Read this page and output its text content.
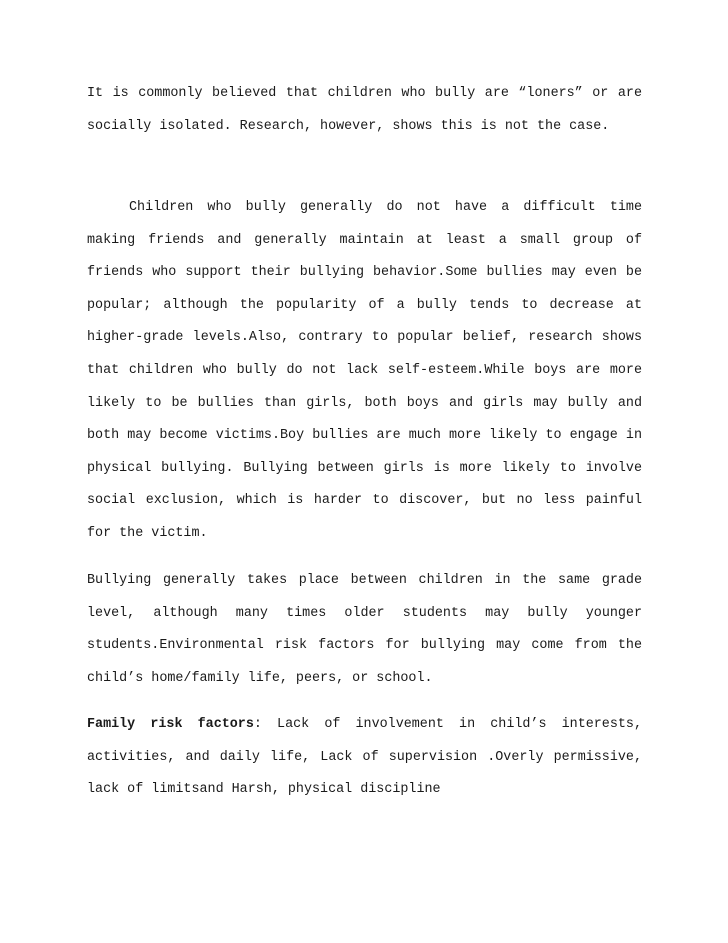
It is commonly believed that children who bully are “loners” or are socially isolated. Research, however, shows this is not the case.

Children who bully generally do not have a difficult time making friends and generally maintain at least a small group of friends who support their bullying behavior.Some bullies may even be popular; although the popularity of a bully tends to decrease at higher-grade levels.Also, contrary to popular belief, research shows that children who bully do not lack self-esteem.While boys are more likely to be bullies than girls, both boys and girls may bully and both may become victims.Boy bullies are much more likely to engage in physical bullying. Bullying between girls is more likely to involve social exclusion, which is harder to discover, but no less painful for the victim.

Bullying generally takes place between children in the same grade level, although many times older students may bully younger students.Environmental risk factors for bullying may come from the child’s home/family life, peers, or school.

Family risk factors: Lack of involvement in child’s interests, activities, and daily life, Lack of supervision .Overly permissive, lack of limitsand Harsh, physical discipline
